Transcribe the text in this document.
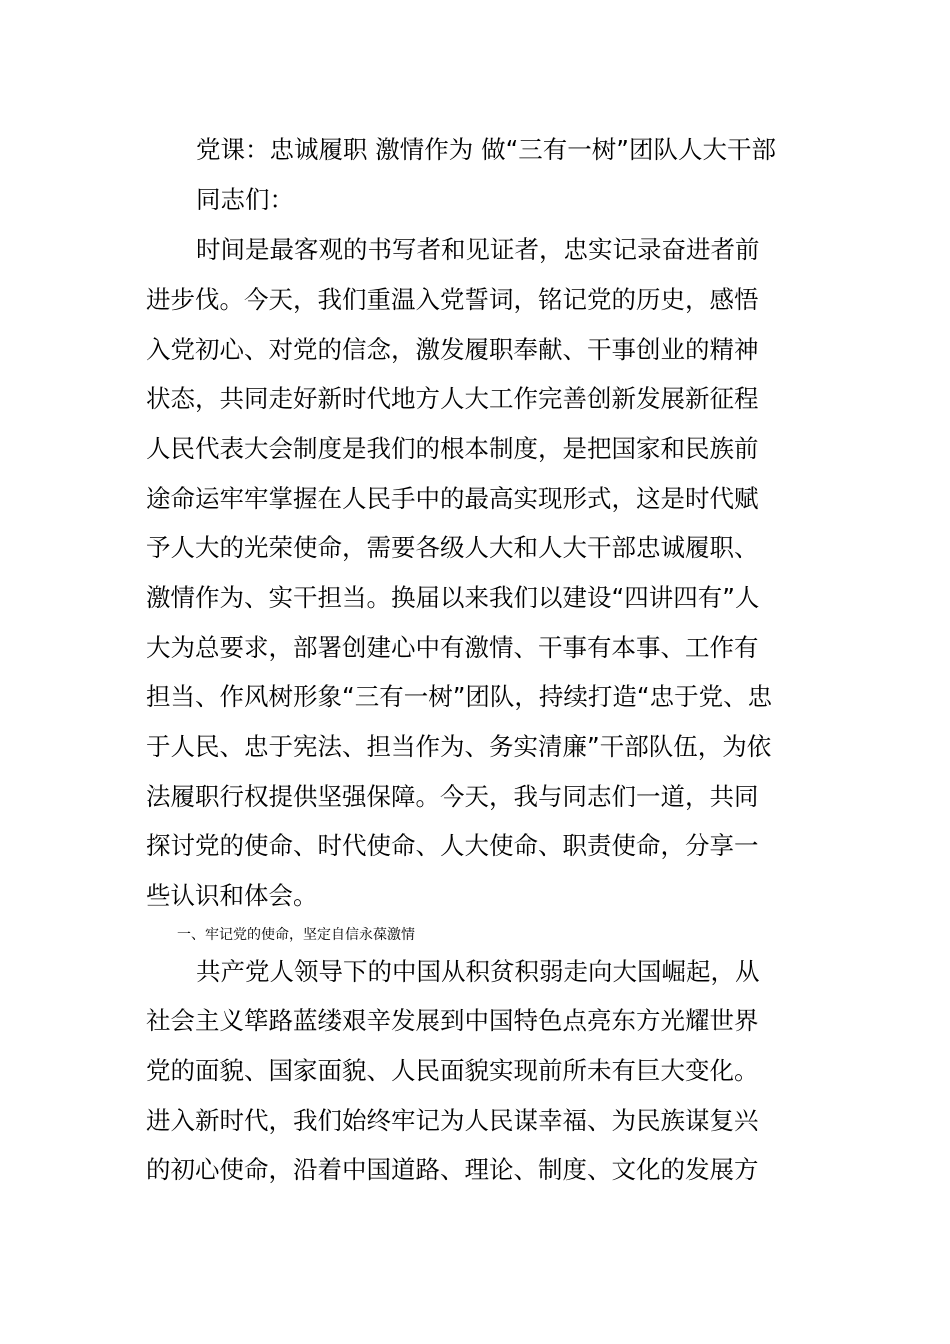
党课：忠诚履职 激情作为 做“三有一树”团队人大干部
同志们：
时间是最客观的书写者和见证者，忠实记录奋进者前
进步伐。今天，我们重温入党誓词，铭记党的历史，感悟
入党初心、对党的信念，激发履职奉献、干事创业的精神
状态，共同走好新时代地方人大工作完善创新发展新征程
人民代表大会制度是我们的根本制度，是把国家和民族前
途命运牢牢掌握在人民手中的最高实现形式，这是时代赋
予人大的光荣使命，需要各级人大和人大干部忠诚履职、
激情作为、实干担当。换届以来我们以建设“四讲四有”人
大为总要求，部署创建心中有激情、干事有本事、工作有
担当、作风树形象“三有一树”团队，持续打造“忠于党、忠
于人民、忠于宪法、担当作为、务实清廉”干部队伍，为依
法履职行权提供坚强保障。今天，我与同志们一道，共同
探讨党的使命、时代使命、人大使命、职责使命，分享一
些认识和体会。
一、牢记党的使命，坚定自信永葆激情
共产党人领导下的中国从积贫积弱走向大国崛起，从
社会主义筚路蓝缕艰辛发展到中国特色点亮东方光耀世界
党的面貌、国家面貌、人民面貌实现前所未有巨大变化。
进入新时代，我们始终牢记为人民谋幸福、为民族谋复兴
的初心使命，沿着中国道路、理论、制度、文化的发展方
